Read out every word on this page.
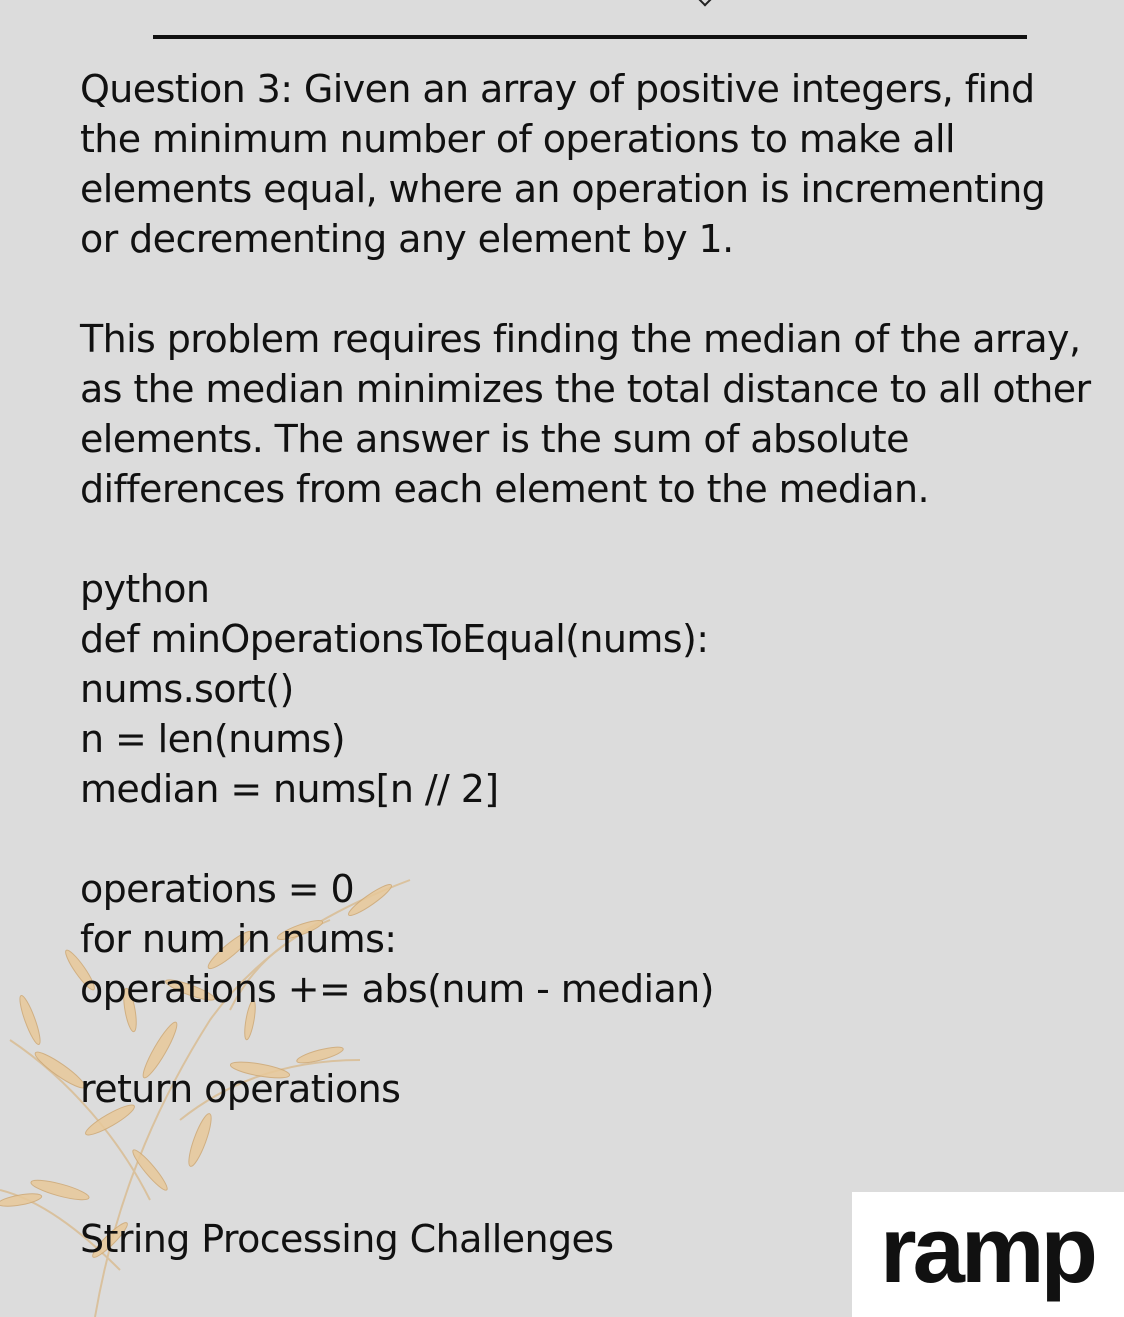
Question 3: Given an array of positive integers, find
the minimum number of operations to make all
elements equal, where an operation is incrementing
or decrementing any element by 1.
This problem requires finding the median of the array,
as the median minimizes the total distance to all other
elements. The answer is the sum of absolute
differences from each element to the median.
python
def minOperationsToEqual(nums):
nums.sort()
n = len(nums)
median = nums[n // 2]
operations = 0
for num in nums:
operations += abs(num - median)
return operations
String Processing Challenges	ramp
